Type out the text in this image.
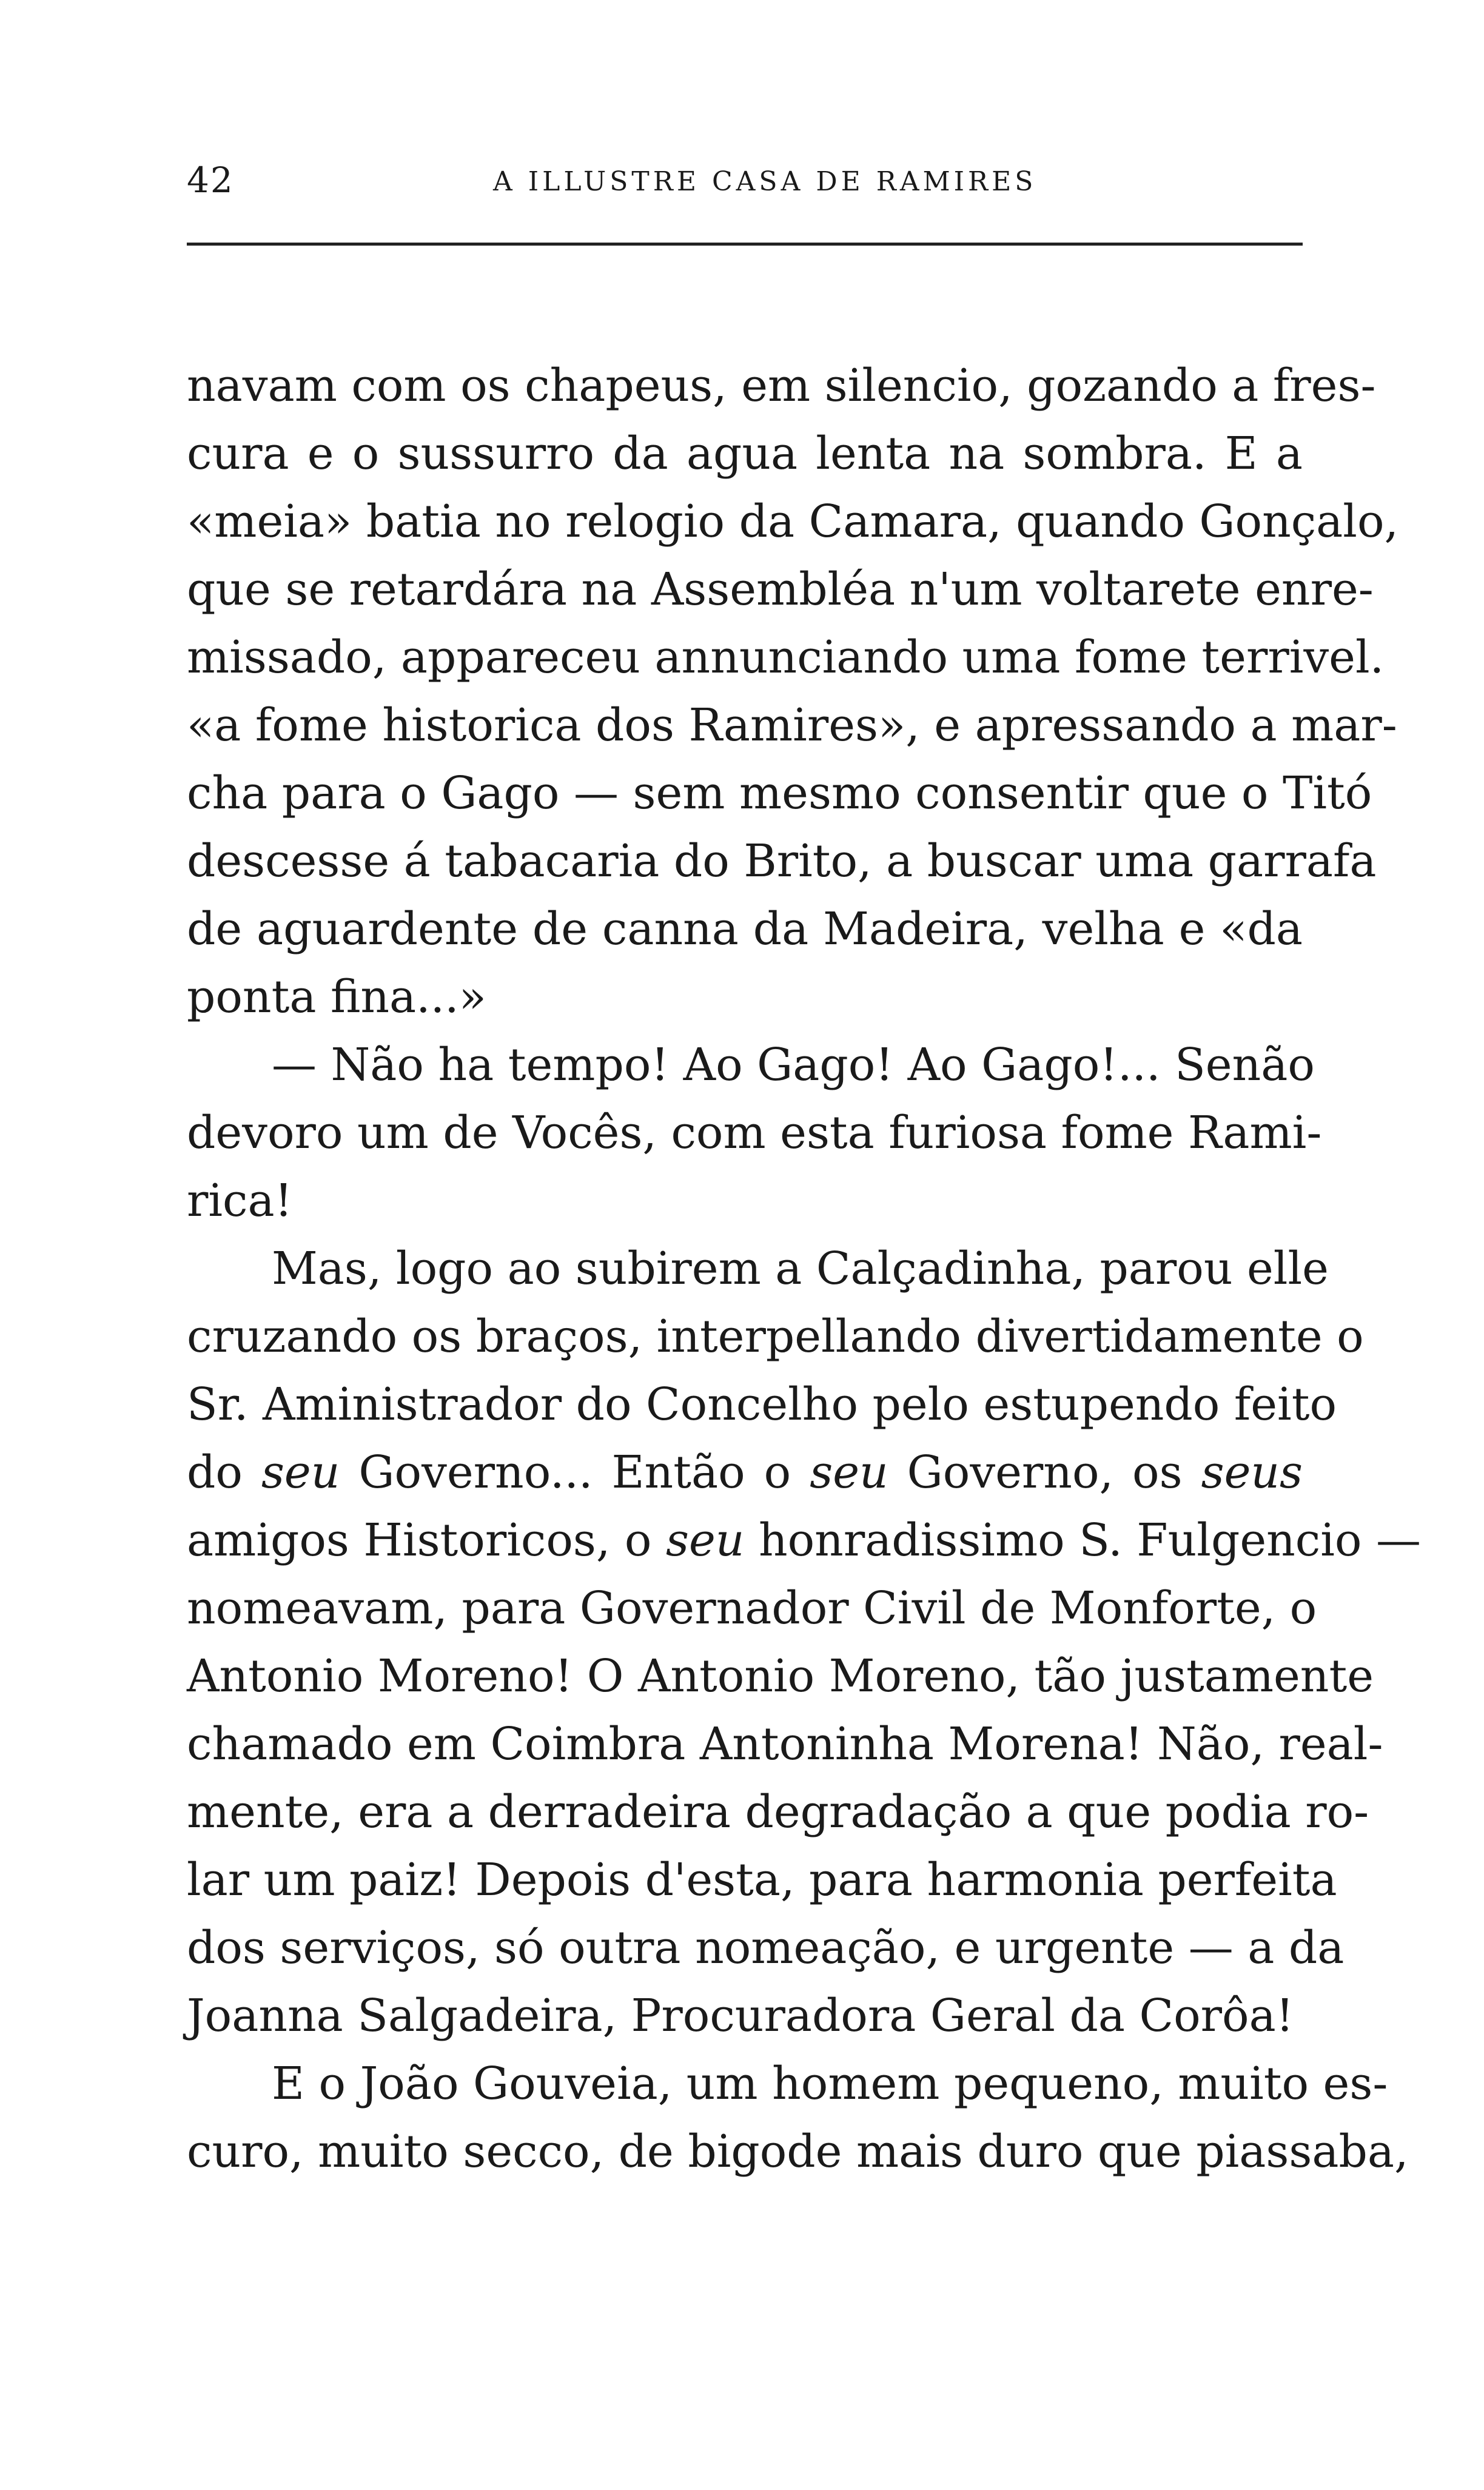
42	A ILLUSTRE CASA DE RAMIRES
navam com os chapeus, em silencio, gozando a fres-
cura e o sussurro da agua lenta na sombra. E a
«meia» batia no relogio da Camara, quando Gonçalo,
que se retardára na Assembléa n'um voltarete enre-
missado, appareceu annunciando uma fome terrivel.
«a fome historica dos Ramires», e apressando a mar-
cha para o Gago — sem mesmo consentir que o Titó
descesse á tabacaria do Brito, a buscar uma garrafa
de aguardente de canna da Madeira, velha e «da
ponta fina...»
— Não ha tempo! Ao Gago! Ao Gago!... Senão
devoro um de Vocês, com esta furiosa fome Rami-
rica!
Mas, logo ao subirem a Calçadinha, parou elle
cruzando os braços, interpellando divertidamente o
Sr. Aministrador do Concelho pelo estupendo feito
do seu Governo... Então o seu Governo, os seus
amigos Historicos, o seu honradissimo S. Fulgencio —
nomeavam, para Governador Civil de Monforte, o
Antonio Moreno! O Antonio Moreno, tão justamente
chamado em Coimbra Antoninha Morena! Não, real-
mente, era a derradeira degradação a que podia ro-
lar um paiz! Depois d'esta, para harmonia perfeita
dos serviços, só outra nomeação, e urgente — a da
Joanna Salgadeira, Procuradora Geral da Corôa!
E o João Gouveia, um homem pequeno, muito es-
curo, muito secco, de bigode mais duro que piassaba,
